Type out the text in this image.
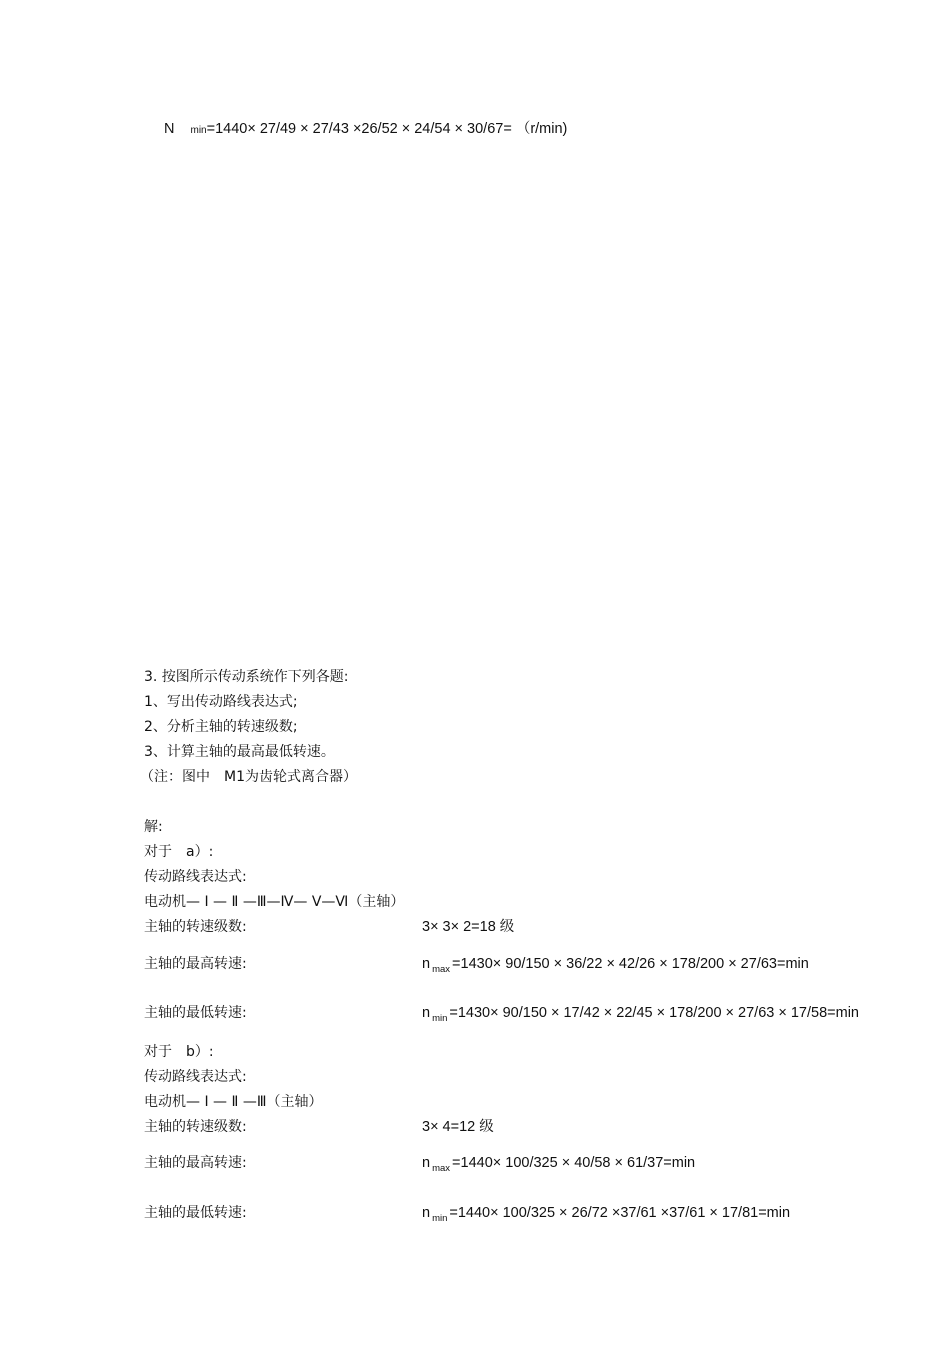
N min=1440× 27/49 × 27/43 ×26/52 × 24/54 × 30/67= （r/min)
3. 按图所示传动系统作下列各题:
1、写出传动路线表达式;
2、分析主轴的转速级数;
3、计算主轴的最高最低转速。
（注：图中　M1为齿轮式离合器）
解:
对于　a）:
传动路线表达式:
电动机— Ⅰ — Ⅱ —Ⅲ—Ⅳ— Ⅴ—Ⅵ（主轴）
主轴的转速级数:	3× 3× 2=18 级
主轴的最高转速:	n $_{max}$ =1430× 90/150 × 36/22 × 42/26 × 178/200 × 27/63=min
主轴的最低转速:	n $_{min}$ =1430× 90/150 × 17/42 × 22/45 × 178/200 × 27/63 × 17/58=min
对于　b）:
传动路线表达式:
电动机— Ⅰ — Ⅱ —Ⅲ（主轴）
主轴的转速级数:	3× 4=12 级
主轴的最高转速:	n $_{max}$ =1440× 100/325 × 40/58 × 61/37=min
主轴的最低转速:	n $_{min}$ =1440× 100/325 × 26/72 ×37/61 ×37/61 × 17/81=min
